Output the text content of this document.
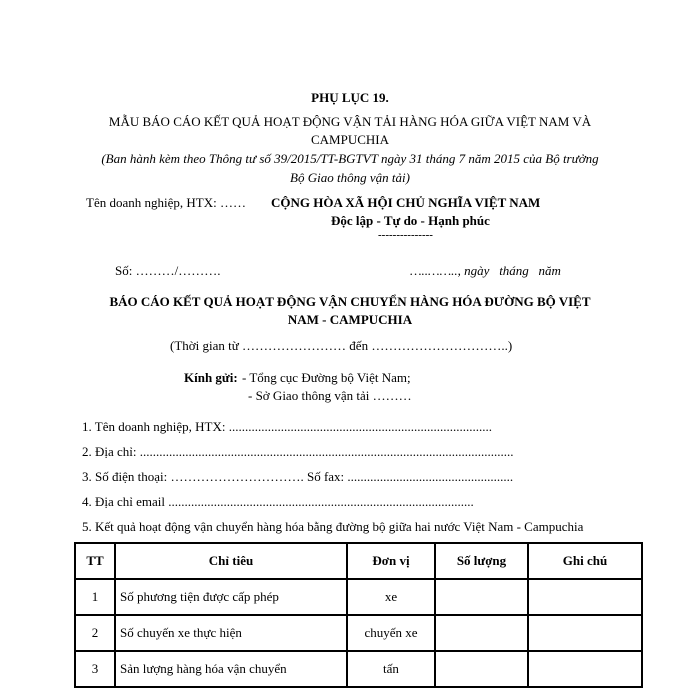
PHỤ LỤC 19.
MẪU BÁO CÁO KẾT QUẢ HOẠT ĐỘNG VẬN TẢI HÀNG HÓA GIỮA VIỆT NAM VÀ
CAMPUCHIA
(Ban hành kèm theo Thông tư số 39/2015/TT-BGTVT ngày 31 tháng 7 năm 2015 của Bộ trưởng
Bộ Giao thông vận tải)
Tên doanh nghiệp, HTX: …… CỘNG HÒA XÃ HỘI CHỦ NGHĨA VIỆT NAM
Độc lập - Tự do - Hạnh phúc
---------------
Số: ………/……….	…..…….., ngày   tháng   năm
BÁO CÁO KẾT QUẢ HOẠT ĐỘNG VẬN CHUYỂN HÀNG HÓA ĐƯỜNG BỘ VIỆT
NAM - CAMPUCHIA
(Thời gian từ …………………… đến …………………………..)
Kính gửi: - Tổng cục Đường bộ Việt Nam;
- Sở Giao thông vận tải ………
1. Tên doanh nghiệp, HTX: .................................................................................
2. Địa chỉ: ...................................................................................................................
3. Số điện thoại: …………………………. Số fax: ...................................................
4. Địa chỉ email ..............................................................................................
5. Kết quả hoạt động vận chuyển hàng hóa bằng đường bộ giữa hai nước Việt Nam - Campuchia
TT	Chỉ tiêu	Đơn vị	Số lượng	Ghi chú
1	Số phương tiện được cấp phép	xe		
2	Số chuyến xe thực hiện	chuyến xe		
3	Sản lượng hàng hóa vận chuyển	tấn		
